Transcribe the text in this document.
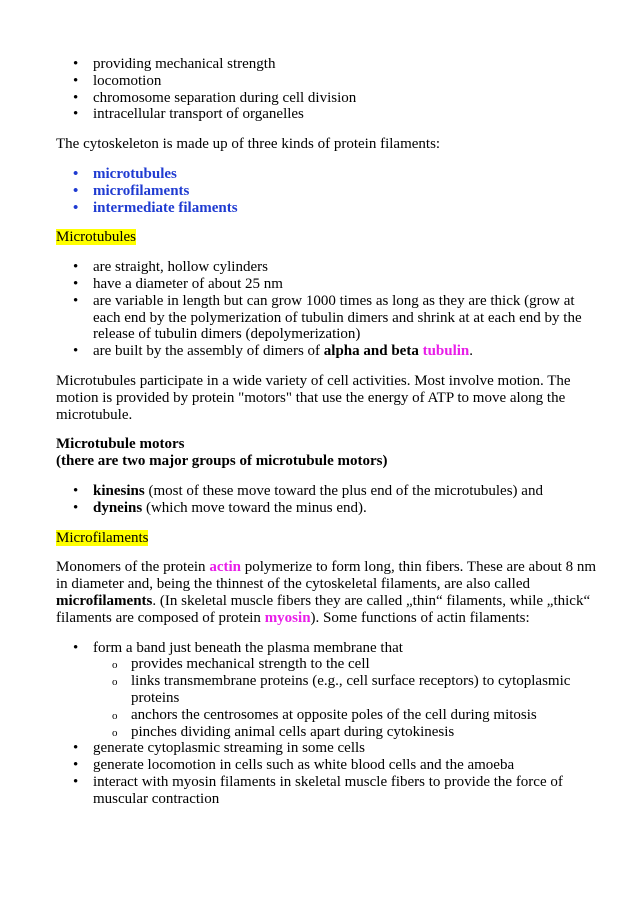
• providing mechanical strength
• locomotion
• chromosome separation during cell division
• intracellular transport of organelles

The cytoskeleton is made up of three kinds of protein filaments:

• microtubules
• microfilaments
• intermediate filaments

Microtubules

• are straight, hollow cylinders
• have a diameter of about 25 nm
• are variable in length but can grow 1000 times as long as they are thick (grow at each end by the polymerization of tubulin dimers and shrink at at each end by the release of tubulin dimers (depolymerization)
• are built by the assembly of dimers of alpha and beta tubulin.

Microtubules participate in a wide variety of cell activities. Most involve motion. The motion is provided by protein "motors" that use the energy of ATP to move along the microtubule.

Microtubule motors

(there are two major groups of microtubule motors)

• kinesins (most of these move toward the plus end of the microtubules) and
• dyneins (which move toward the minus end).

Microfilaments

Monomers of the protein actin polymerize to form long, thin fibers. These are about 8 nm in diameter and, being the thinnest of the cytoskeletal filaments, are also called microfilaments. (In skeletal muscle fibers they are called „thin“ filaments, while „thick“ filaments are composed of protein myosin). Some functions of actin filaments:

• form a band just beneath the plasma membrane that
o provides mechanical strength to the cell
o links transmembrane proteins (e.g., cell surface receptors) to cytoplasmic proteins
o anchors the centrosomes at opposite poles of the cell during mitosis
o pinches dividing animal cells apart during cytokinesis
• generate cytoplasmic streaming in some cells
• generate locomotion in cells such as white blood cells and the amoeba
• interact with myosin filaments in skeletal muscle fibers to provide the force of muscular contraction
